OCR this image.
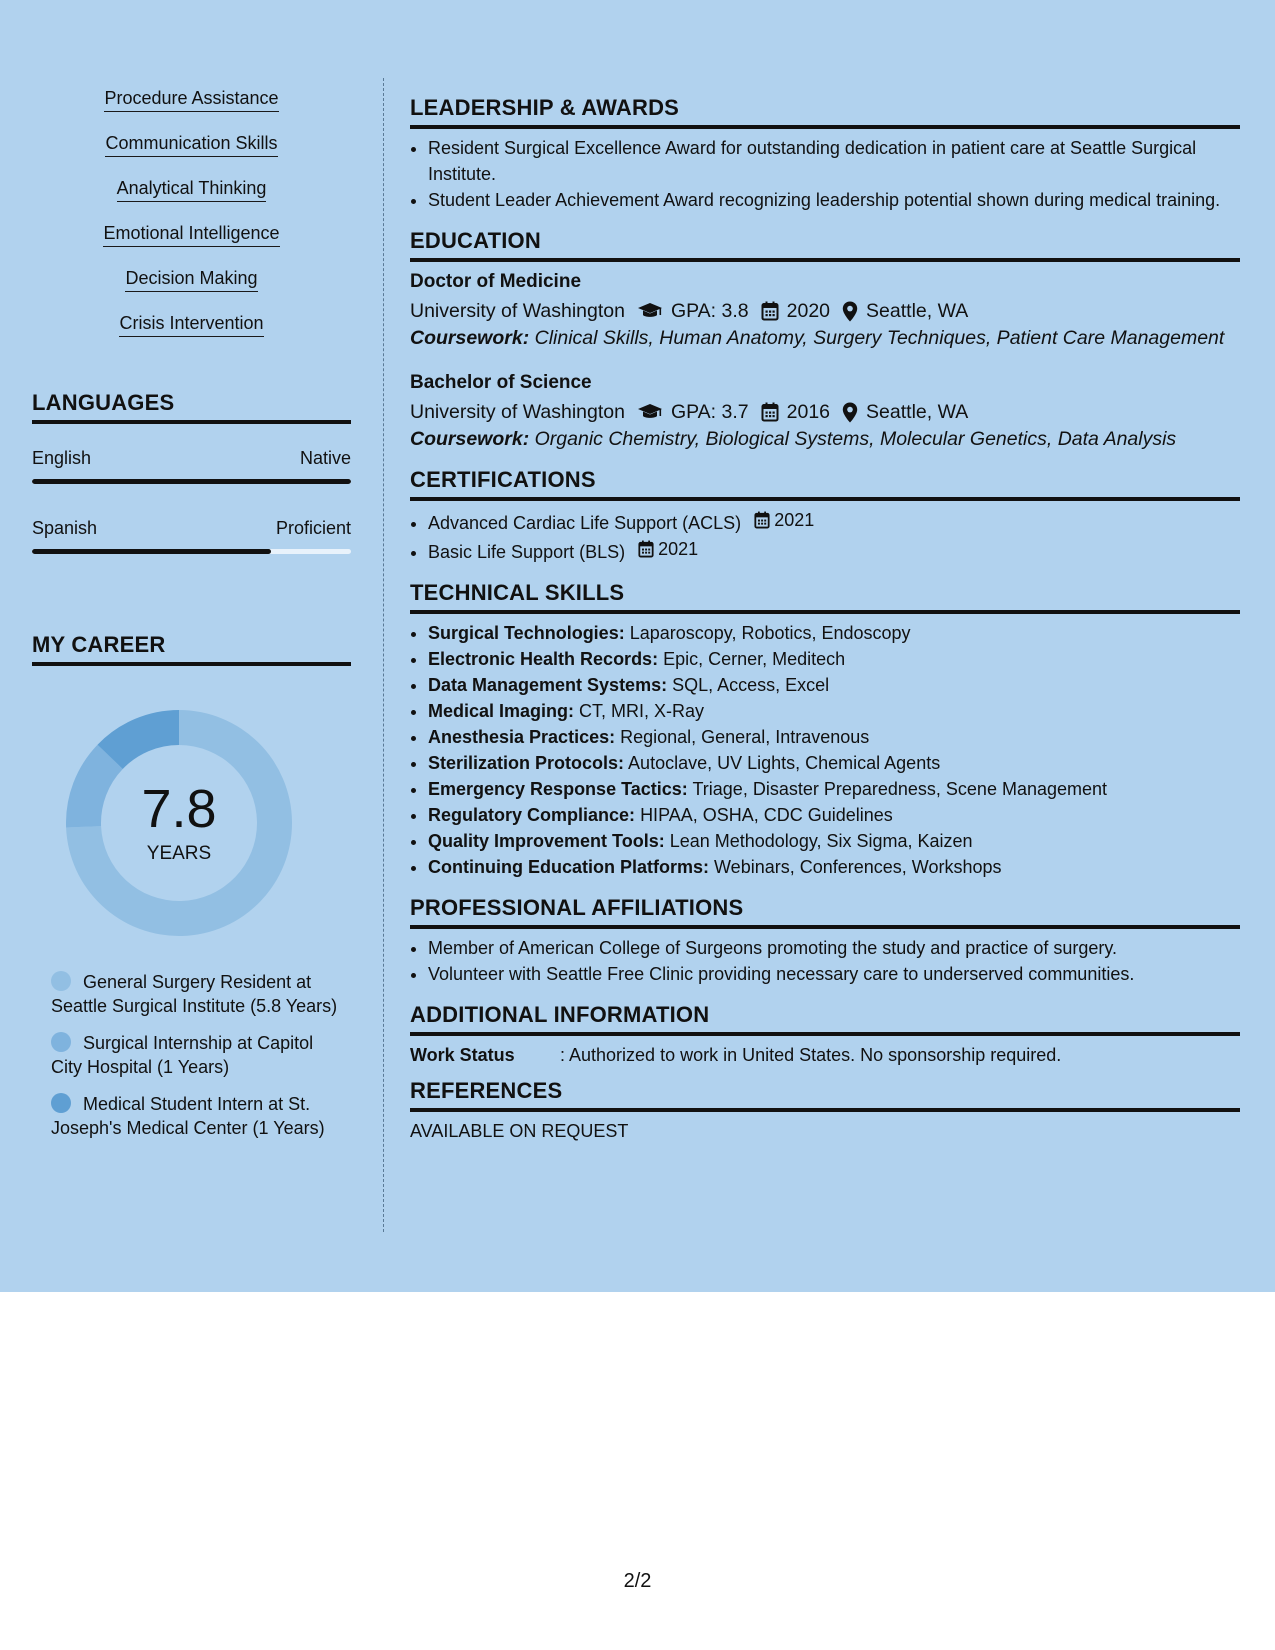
Procedure Assistance
Communication Skills
Analytical Thinking
Emotional Intelligence
Decision Making
Crisis Intervention
LANGUAGES
English	Native
Spanish	Proficient
MY CAREER
7.8
YEARS
General Surgery Resident at Seattle Surgical Institute (5.8 Years)
Surgical Internship at Capitol City Hospital (1 Years)
Medical Student Intern at St. Joseph's Medical Center (1 Years)
LEADERSHIP & AWARDS
• Resident Surgical Excellence Award for outstanding dedication in patient care at Seattle Surgical Institute.
• Student Leader Achievement Award recognizing leadership potential shown during medical training.
EDUCATION
Doctor of Medicine
University of Washington GPA: 3.8 2020 Seattle, WA
Coursework: Clinical Skills, Human Anatomy, Surgery Techniques, Patient Care Management
Bachelor of Science
University of Washington GPA: 3.7 2016 Seattle, WA
Coursework: Organic Chemistry, Biological Systems, Molecular Genetics, Data Analysis
CERTIFICATIONS
• Advanced Cardiac Life Support (ACLS) 2021
• Basic Life Support (BLS) 2021
TECHNICAL SKILLS
• Surgical Technologies: Laparoscopy, Robotics, Endoscopy
• Electronic Health Records: Epic, Cerner, Meditech
• Data Management Systems: SQL, Access, Excel
• Medical Imaging: CT, MRI, X-Ray
• Anesthesia Practices: Regional, General, Intravenous
• Sterilization Protocols: Autoclave, UV Lights, Chemical Agents
• Emergency Response Tactics: Triage, Disaster Preparedness, Scene Management
• Regulatory Compliance: HIPAA, OSHA, CDC Guidelines
• Quality Improvement Tools: Lean Methodology, Six Sigma, Kaizen
• Continuing Education Platforms: Webinars, Conferences, Workshops
PROFESSIONAL AFFILIATIONS
• Member of American College of Surgeons promoting the study and practice of surgery.
• Volunteer with Seattle Free Clinic providing necessary care to underserved communities.
ADDITIONAL INFORMATION
Work Status	: Authorized to work in United States. No sponsorship required.
REFERENCES
AVAILABLE ON REQUEST
2/2
